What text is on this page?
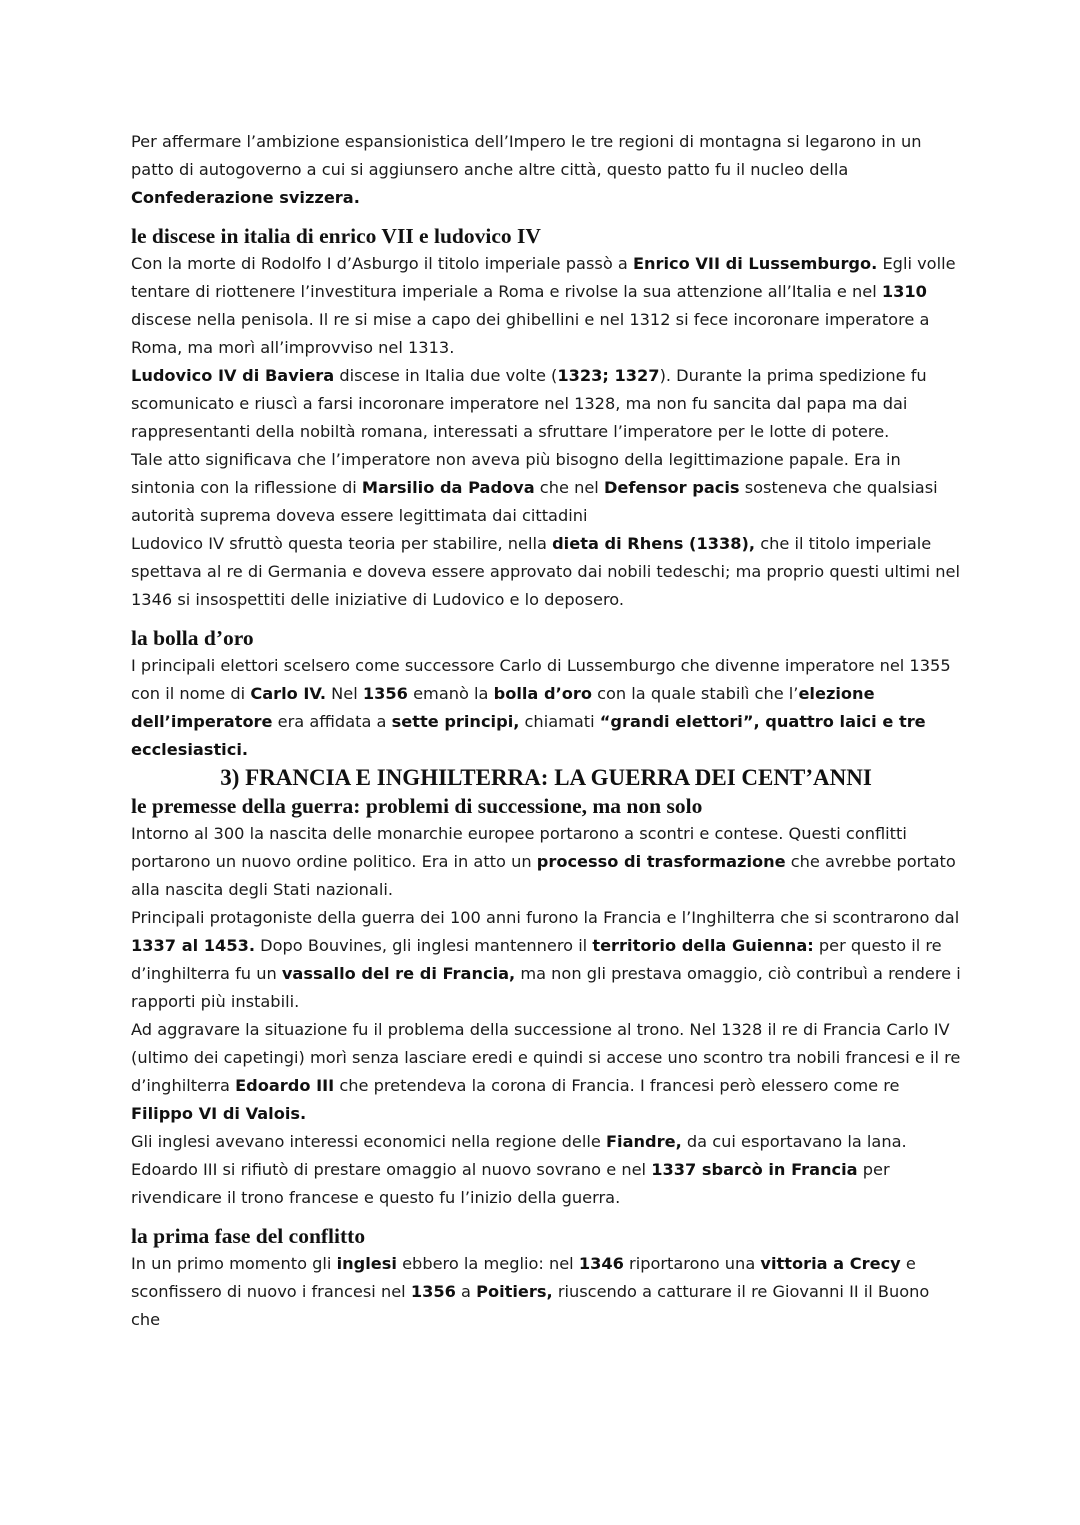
Per affermare l’ambizione espansionistica dell’Impero le tre regioni di montagna si legarono in un patto di autogoverno a cui si aggiunsero anche altre città, questo patto fu il nucleo della Confederazione svizzera.

le discese in italia di enrico VII e ludovico IV

Con la morte di Rodolfo I d’Asburgo il titolo imperiale passò a Enrico VII di Lussemburgo. Egli volle tentare di riottenere l’investitura imperiale a Roma e rivolse la sua attenzione all’Italia e nel 1310 discese nella penisola. Il re si mise a capo dei ghibellini e nel 1312 si fece incoronare imperatore a Roma, ma morì all’improvviso nel 1313.

Ludovico IV di Baviera discese in Italia due volte (1323; 1327). Durante la prima spedizione fu scomunicato e riuscì a farsi incoronare imperatore nel 1328, ma non fu sancita dal papa ma dai rappresentanti della nobiltà romana, interessati a sfruttare l’imperatore per le lotte di potere.

Tale atto significava che l’imperatore non aveva più bisogno della legittimazione papale. Era in sintonia con la riflessione di Marsilio da Padova che nel Defensor pacis sosteneva che qualsiasi autorità suprema doveva essere legittimata dai cittadini

Ludovico IV sfruttò questa teoria per stabilire, nella dieta di Rhens (1338), che il titolo imperiale spettava al re di Germania e doveva essere approvato dai nobili tedeschi; ma proprio questi ultimi nel 1346 si insospettiti delle iniziative di Ludovico e lo deposero.

la bolla d’oro

I principali elettori scelsero come successore Carlo di Lussemburgo che divenne imperatore nel 1355 con il nome di Carlo IV. Nel 1356 emanò la bolla d’oro con la quale stabilì che l’elezione dell’imperatore era affidata a sette principi, chiamati “grandi elettori”, quattro laici e tre ecclesiastici.

3) FRANCIA E INGHILTERRA: LA GUERRA DEI CENT’ANNI
le premesse della guerra: problemi di successione, ma non solo

Intorno al 300 la nascita delle monarchie europee portarono a scontri e contese. Questi conflitti portarono un nuovo ordine politico. Era in atto un processo di trasformazione che avrebbe portato alla nascita degli Stati nazionali.

Principali protagoniste della guerra dei 100 anni furono la Francia e l’Inghilterra che si scontrarono dal 1337 al 1453. Dopo Bouvines, gli inglesi mantennero il territorio della Guienna: per questo il re d’inghilterra fu un vassallo del re di Francia, ma non gli prestava omaggio, ciò contribuì a rendere i rapporti più instabili.

Ad aggravare la situazione fu il problema della successione al trono. Nel 1328 il re di Francia Carlo IV (ultimo dei capetingi) morì senza lasciare eredi e quindi si accese uno scontro tra nobili francesi e il re d’inghilterra Edoardo III che pretendeva la corona di Francia. I francesi però elessero come re Filippo VI di Valois.

Gli inglesi avevano interessi economici nella regione delle Fiandre, da cui esportavano la lana. Edoardo III si rifiutò di prestare omaggio al nuovo sovrano e nel 1337 sbarcò in Francia per rivendicare il trono francese e questo fu l’inizio della guerra.

la prima fase del conflitto

In un primo momento gli inglesi ebbero la meglio: nel 1346 riportarono una vittoria a Crecy e sconfissero di nuovo i francesi nel 1356 a Poitiers, riuscendo a catturare il re Giovanni II il Buono che
